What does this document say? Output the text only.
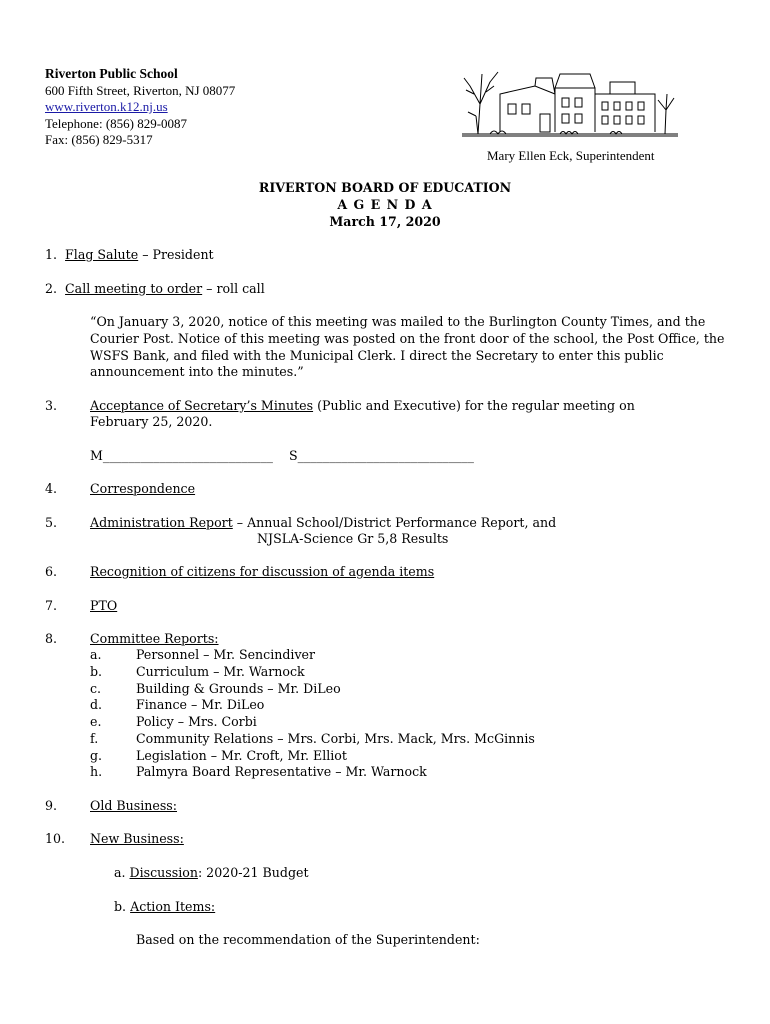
Riverton Public School
600 Fifth Street, Riverton, NJ 08077
www.riverton.k12.nj.us
Telephone: (856) 829-0087
Fax: (856) 829-5317
Mary Ellen Eck, Superintendent
RIVERTON BOARD OF EDUCATION
A G E N D A
March 17, 2020
1. Flag Salute – President
2. Call meeting to order – roll call
“On January 3, 2020, notice of this meeting was mailed to the Burlington County Times, and the Courier Post. Notice of this meeting was posted on the front door of the school, the Post Office, the WSFS Bank, and filed with the Municipal Clerk. I direct the Secretary to enter this public announcement into the minutes.”
3.	Acceptance of Secretary’s Minutes (Public and Executive) for the regular meeting on
February 25, 2020.
M___________________________ S____________________________
4.	Correspondence
5.	Administration Report – Annual School/District Performance Report, and
NJSLA-Science Gr 5,8 Results
6.	Recognition of citizens for discussion of agenda items
7.	PTO
8.	Committee Reports:
a.	Personnel – Mr. Sencindiver
b.	Curriculum – Mr. Warnock
c.	Building & Grounds – Mr. DiLeo
d.	Finance – Mr. DiLeo
e.	Policy – Mrs. Corbi
f.	Community Relations – Mrs. Corbi, Mrs. Mack, Mrs. McGinnis
g.	Legislation – Mr. Croft, Mr. Elliot
h.	Palmyra Board Representative – Mr. Warnock
9.	Old Business:
10. New Business:
a. Discussion: 2020-21 Budget
b. Action Items:
Based on the recommendation of the Superintendent:
